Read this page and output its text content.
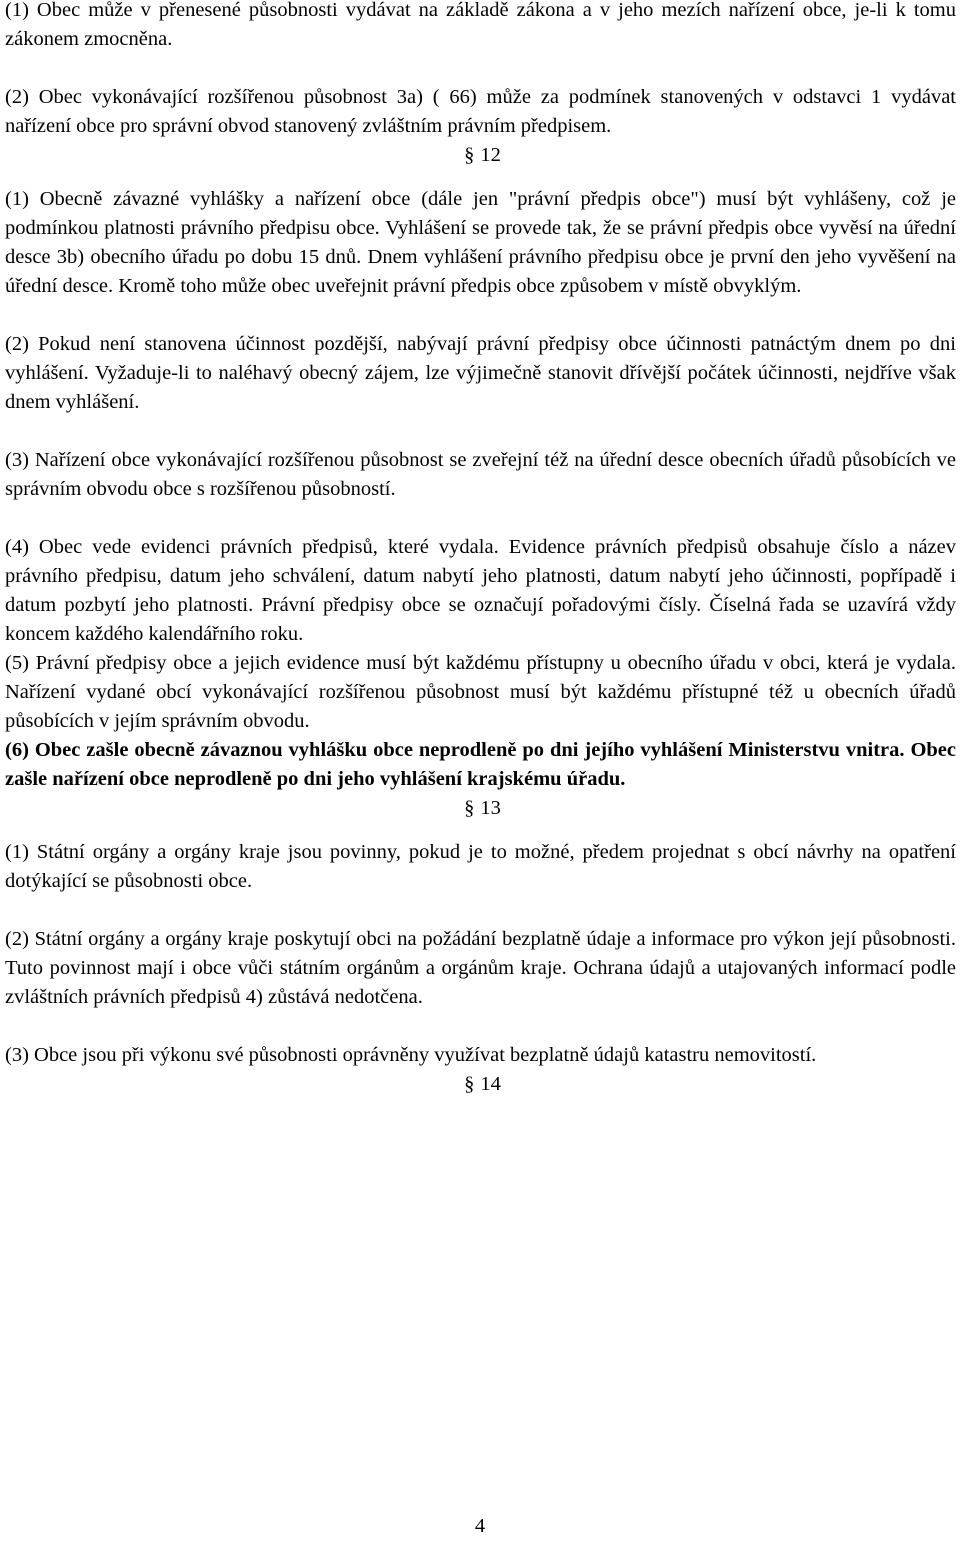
(1) Obec může v přenesené působnosti vydávat na základě zákona a v jeho mezích nařízení obce, je-li k tomu zákonem zmocněna.

(2) Obec vykonávající rozšířenou působnost 3a) ( 66) může za podmínek stanovených v odstavci 1 vydávat nařízení obce pro správní obvod stanovený zvláštním právním předpisem.

§ 12

(1) Obecně závazné vyhlášky a nařízení obce (dále jen "právní předpis obce") musí být vyhlášeny, což je podmínkou platnosti právního předpisu obce. Vyhlášení se provede tak, že se právní předpis obce vyvěsí na úřední desce 3b) obecního úřadu po dobu 15 dnů. Dnem vyhlášení právního předpisu obce je první den jeho vyvěšení na úřední desce. Kromě toho může obec uveřejnit právní předpis obce způsobem v místě obvyklým.

(2) Pokud není stanovena účinnost pozdější, nabývají právní předpisy obce účinnosti patnáctým dnem po dni vyhlášení. Vyžaduje-li to naléhavý obecný zájem, lze výjimečně stanovit dřívější počátek účinnosti, nejdříve však dnem vyhlášení.

(3) Nařízení obce vykonávající rozšířenou působnost se zveřejní též na úřední desce obecních úřadů působících ve správním obvodu obce s rozšířenou působností.

(4) Obec vede evidenci právních předpisů, které vydala. Evidence právních předpisů obsahuje číslo a název právního předpisu, datum jeho schválení, datum nabytí jeho platnosti, datum nabytí jeho účinnosti, popřípadě i datum pozbytí jeho platnosti. Právní předpisy obce se označují pořadovými čísly. Číselná řada se uzavírá vždy koncem každého kalendářního roku.

(5) Právní předpisy obce a jejich evidence musí být každému přístupny u obecního úřadu v obci, která je vydala. Nařízení vydané obcí vykonávající rozšířenou působnost musí být každému přístupné též u obecních úřadů působících v jejím správním obvodu.

(6) Obec zašle obecně závaznou vyhlášku obce neprodleně po dni jejího vyhlášení Ministerstvu vnitra. Obec zašle nařízení obce neprodleně po dni jeho vyhlášení krajskému úřadu.

§ 13

(1) Státní orgány a orgány kraje jsou povinny, pokud je to možné, předem projednat s obcí návrhy na opatření dotýkající se působnosti obce.

(2) Státní orgány a orgány kraje poskytují obci na požádání bezplatně údaje a informace pro výkon její působnosti. Tuto povinnost mají i obce vůči státním orgánům a orgánům kraje. Ochrana údajů a utajovaných informací podle zvláštních právních předpisů 4) zůstává nedotčena.

(3) Obce jsou při výkonu své působnosti oprávněny využívat bezplatně údajů katastru nemovitostí.

§ 14
4
